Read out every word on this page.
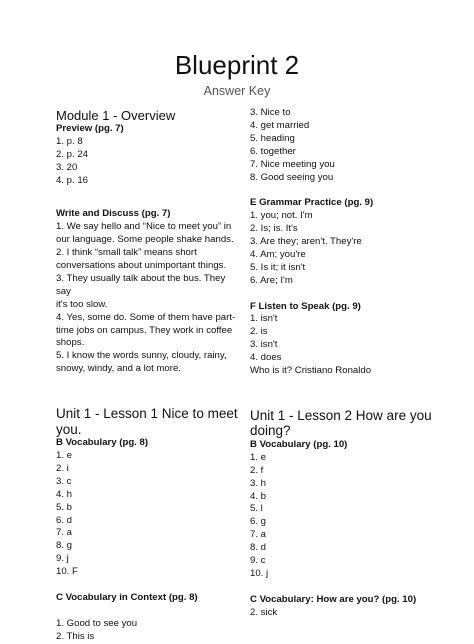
Blueprint 2
Answer Key

Module 1 - Overview

Preview (pg. 7)

1. p. 8

2. p. 24

3. 20

4. p. 16

Write and Discuss (pg. 7)

1. We say hello and “Nice to meet you” in

our language. Some people shake hands.

2. I think “small talk” means short

conversations about unimportant things.

3. They usually talk about the bus. They say

it's too slow.

4. Yes, some do. Some of them have part-

time jobs on campus. They work in coffee

shops.

5. I know the words sunny, cloudy, rainy,

snowy, windy, and a lot more.

Unit 1 - Lesson 1 Nice to meet

you.

B Vocabulary (pg. 8)

1. e

2. i

3. c

4. h

5. b

6. d

7. a

8. g

9. j

10. F

C Vocabulary in Context (pg. 8)

1. Good to see you

2. This is

3. Nice to

4. get married

5. heading

6. together

7. Nice meeting you

8. Good seeing you

E Grammar Practice (pg. 9)

1. you; not. I'm

2. Is; is. It's

3. Are they; aren't. They're

4. Am; you're

5. Is it; it isn't

6. Are; I'm

F Listen to Speak (pg. 9)

1. isn't

2. is

3. isn't

4. does

Who is it? Cristiano Ronaldo

Unit 1 - Lesson 2 How are you

doing?

B Vocabulary (pg. 10)

1. e

2. f

3. h

4. b

5. l

6. g

7. a

8. d

9. c

10. j

C Vocabulary: How are you? (pg. 10)

2. sick
